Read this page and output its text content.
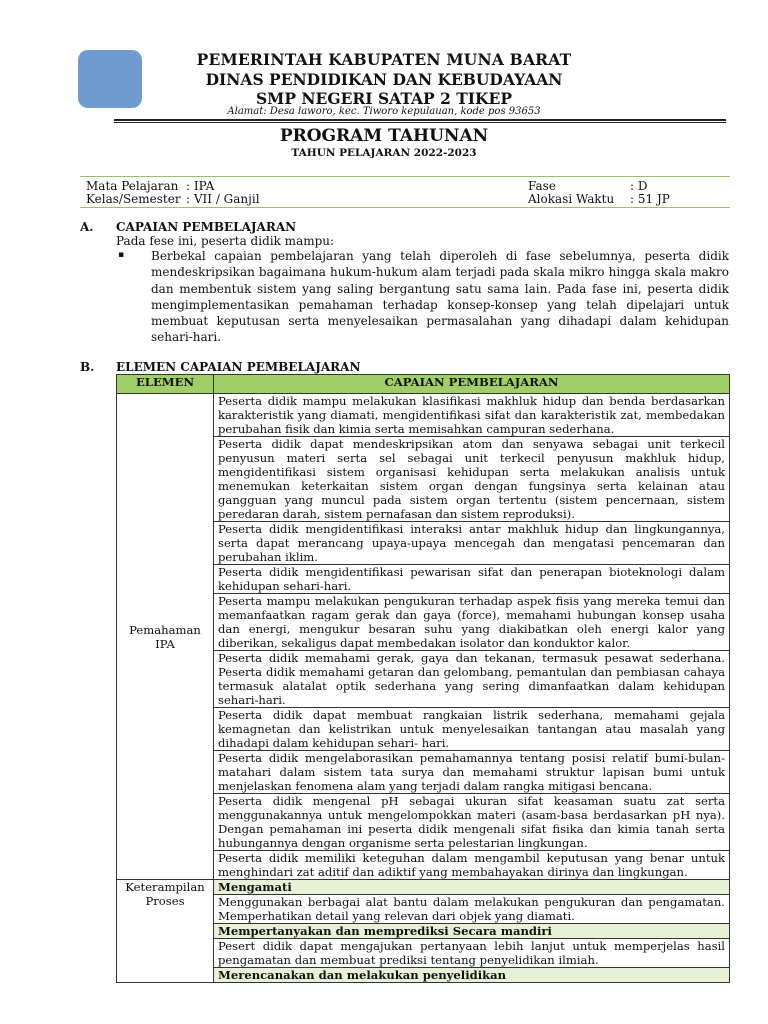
PEMERINTAH KABUPATEN MUNA BARAT
DINAS PENDIDIKAN DAN KEBUDAYAAN
SMP NEGERI SATAP 2 TIKEP
Alamat: Desa laworo, kec. Tiworo kepulauan, kode pos 93653
PROGRAM TAHUNAN
TAHUN PELAJARAN 2022-2023
Mata Pelajaran : IPA	Fase	: D
Kelas/Semester : VII / Ganjil	Alokasi Waktu : 51 JP
A. CAPAIAN PEMBELAJARAN
Pada fese ini, peserta didik mampu:
▪ Berbekal capaian pembelajaran yang telah diperoleh di fase sebelumnya, peserta didik mendeskripsikan bagaimana hukum-hukum alam terjadi pada skala mikro hingga skala makro dan membentuk sistem yang saling bergantung satu sama lain. Pada fase ini, peserta didik mengimplementasikan pemahaman terhadap konsep-konsep yang telah dipelajari untuk membuat keputusan serta menyelesaikan permasalahan yang dihadapi dalam kehidupan sehari-hari.
B. ELEMEN CAPAIAN PEMBELAJARAN
ELEMEN	CAPAIAN PEMBELAJARAN
Pemahaman IPA	Peserta didik mampu melakukan klasifikasi makhluk hidup dan benda berdasarkan karakteristik yang diamati, mengidentifikasi sifat dan karakteristik zat, membedakan perubahan fisik dan kimia serta memisahkan campuran sederhana.
	Peserta didik dapat mendeskripsikan atom dan senyawa sebagai unit terkecil penyusun materi serta sel sebagai unit terkecil penyusun makhluk hidup, mengidentifikasi sistem organisasi kehidupan serta melakukan analisis untuk menemukan keterkaitan sistem organ dengan fungsinya serta kelainan atau gangguan yang muncul pada sistem organ tertentu (sistem pencernaan, sistem peredaran darah, sistem pernafasan dan sistem reproduksi).
	Peserta didik mengidentifikasi interaksi antar makhluk hidup dan lingkungannya, serta dapat merancang upaya-upaya mencegah dan mengatasi pencemaran dan perubahan iklim.
	Peserta didik mengidentifikasi pewarisan sifat dan penerapan bioteknologi dalam kehidupan sehari-hari.
	Peserta mampu melakukan pengukuran terhadap aspek fisis yang mereka temui dan memanfaatkan ragam gerak dan gaya (force), memahami hubungan konsep usaha dan energi, mengukur besaran suhu yang diakibatkan oleh energi kalor yang diberikan, sekaligus dapat membedakan isolator dan konduktor kalor.
	Peserta didik memahami gerak, gaya dan tekanan, termasuk pesawat sederhana. Peserta didik memahami getaran dan gelombang, pemantulan dan pembiasan cahaya termasuk alatalat optik sederhana yang sering dimanfaatkan dalam kehidupan sehari-hari.
	Peserta didik dapat membuat rangkaian listrik sederhana, memahami gejala kemagnetan dan kelistrikan untuk menyelesaikan tantangan atau masalah yang dihadapi dalam kehidupan sehari- hari.
	Peserta didik mengelaborasikan pemahamannya tentang posisi relatif bumi-bulan-matahari dalam sistem tata surya dan memahami struktur lapisan bumi untuk menjelaskan fenomena alam yang terjadi dalam rangka mitigasi bencana.
	Peserta didik mengenal pH sebagai ukuran sifat keasaman suatu zat serta menggunakannya untuk mengelompokkan materi (asam-basa berdasarkan pH nya). Dengan pemahaman ini peserta didik mengenali sifat fisika dan kimia tanah serta hubungannya dengan organisme serta pelestarian lingkungan.
	Peserta didik memiliki keteguhan dalam mengambil keputusan yang benar untuk menghindari zat aditif dan adiktif yang membahayakan dirinya dan lingkungan.
Keterampilan Proses	Mengamati
	Menggunakan berbagai alat bantu dalam melakukan pengukuran dan pengamatan. Memperhatikan detail yang relevan dari objek yang diamati.
	Mempertanyakan dan memprediksi Secara mandiri
	Pesert didik dapat mengajukan pertanyaan lebih lanjut untuk memperjelas hasil pengamatan dan membuat prediksi tentang penyelidikan ilmiah.
	Merencanakan dan melakukan penyelidikan
